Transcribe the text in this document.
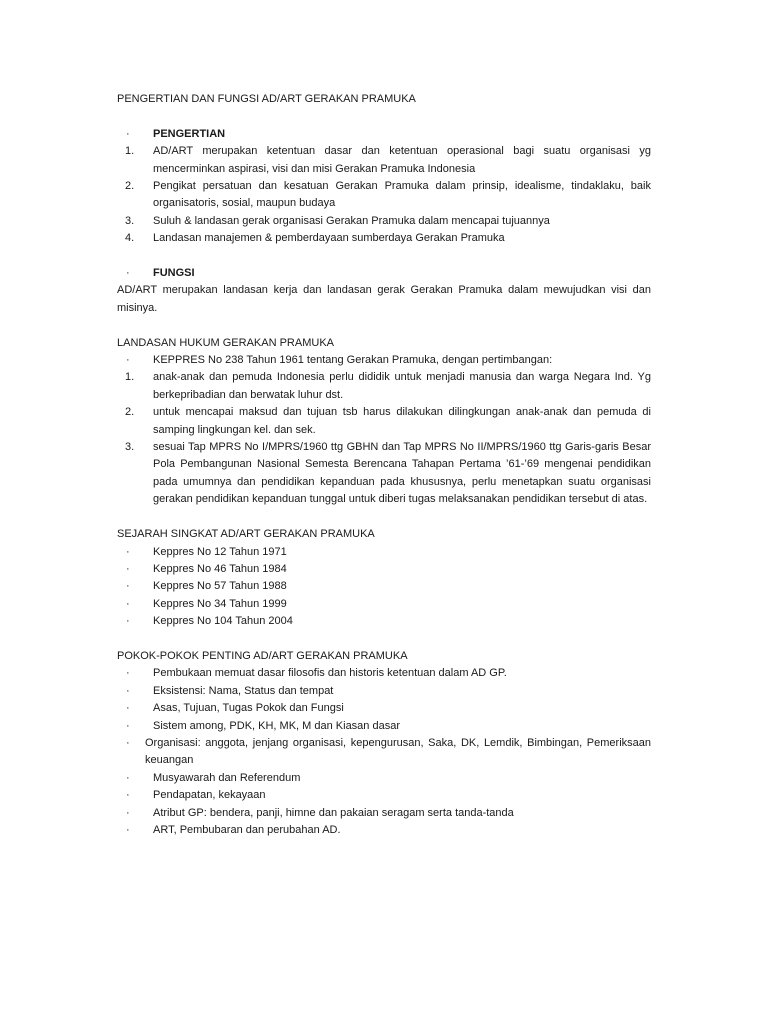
PENGERTIAN DAN FUNGSI AD/ART GERAKAN PRAMUKA

· PENGERTIAN
1. AD/ART merupakan ketentuan dasar dan ketentuan operasional bagi suatu organisasi yg mencerminkan aspirasi, visi dan misi Gerakan Pramuka Indonesia
2. Pengikat persatuan dan kesatuan Gerakan Pramuka dalam prinsip, idealisme, tindaklaku, baik organisatoris, sosial, maupun budaya
3. Suluh & landasan gerak organisasi Gerakan Pramuka dalam mencapai tujuannya
4. Landasan manajemen & pemberdayaan sumberdaya Gerakan Pramuka
· FUNGSI
AD/ART merupakan landasan kerja dan landasan gerak Gerakan Pramuka dalam mewujudkan visi dan misinya.

LANDASAN HUKUM GERAKAN PRAMUKA

· KEPPRES No 238 Tahun 1961 tentang Gerakan Pramuka, dengan pertimbangan:
1. anak-anak dan pemuda Indonesia perlu dididik untuk menjadi manusia dan warga Negara Ind. Yg berkepribadian dan berwatak luhur dst.
2. untuk mencapai maksud dan tujuan tsb harus dilakukan dilingkungan anak-anak dan pemuda di samping lingkungan kel. dan sek.
3. sesuai Tap MPRS No I/MPRS/1960 ttg GBHN dan Tap MPRS No II/MPRS/1960 ttg Garis-garis Besar Pola Pembangunan Nasional Semesta Berencana Tahapan Pertama ’61-’69 mengenai pendidikan pada umumnya dan pendidikan kepanduan pada khususnya, perlu menetapkan suatu organisasi gerakan pendidikan kepanduan tunggal untuk diberi tugas melaksanakan pendidikan tersebut di atas.

SEJARAH SINGKAT AD/ART GERAKAN PRAMUKA

· Keppres No 12 Tahun 1971
· Keppres No 46 Tahun 1984
· Keppres No 57 Tahun 1988
· Keppres No 34 Tahun 1999
· Keppres No 104 Tahun 2004

POKOK-POKOK PENTING AD/ART GERAKAN PRAMUKA

· Pembukaan memuat dasar filosofis dan historis ketentuan dalam AD GP.
· Eksistensi: Nama, Status dan tempat
· Asas, Tujuan, Tugas Pokok dan Fungsi
· Sistem among, PDK, KH, MK, M dan Kiasan dasar
· Organisasi: anggota, jenjang organisasi, kepengurusan, Saka, DK, Lemdik, Bimbingan, Pemeriksaan keuangan
· Musyawarah dan Referendum
· Pendapatan, kekayaan
· Atribut GP: bendera, panji, himne dan pakaian seragam serta tanda-tanda
· ART, Pembubaran dan perubahan AD.
